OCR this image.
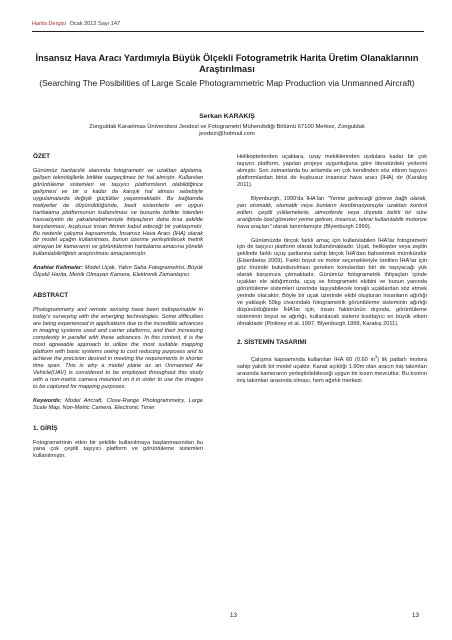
Harita Dergisi Ocak 2012 Sayı 147
İnsansız Hava Aracı Yardımıyla Büyük Ölçekli Fotogrametrik Harita Üretim Olanaklarının Araştırılması
(Searching The Posibilities of Large Scale Photogrammetric Map Production via Unmanned Aircraft)
Serkan KARAKIŞ
Zonguldak Karaelmas Üniversitesi Jeodezi ve Fotogrametri Mühendisliği Bölümü 67100 Merkez, Zonguldak
jeodezi@hotmail.com

ÖZET

Günümüz haritacılık alanında fotogrametri ve uzaktan algılama, gelişen teknolojilerle birlikte vazgeçilmez bir hal almıştır. Kullanılan görüntüleme sistemleri ve taşıyıcı platformların olabildiğince gelişmesi ve bir o kadar da karışık hal alması sebebiyle uygulamalarda değişik güçlükler yaşanmaktadır. Bu bağlamda maliyetler de düşünüldüğünde, basit sistemlerle en uygun haritalama platformunun kullanılması ve bununla birlikte istenilen hassasiyetin de yakalanabilmesiyle ihtiyaçların daha kısa şekilde karşılanması, kuşkusuz insan fikrinin kabul edeceği bir yaklaşımdır. Bu nedenle çalışma kapsamında, İnsansız Hava Aracı (İHA) olarak bir model uçağın kullanılması, bunun üzerine yerleştirilecek metrik olmayan bir kameranın ve görüntülerinin haritalama amacına yönelik kullanılabilirliğinin araştırılması amaçlanmıştır.

Anahtar Kelimeler: Model Uçak, Yakın Saha Fotogrametrisi, Büyük Ölçekli Harita, Metrik Olmayan Kamera, Elektronik Zamanlayıcı

ABSTRACT

Photogrammetry and remote sensing have been indispensable in today's surveying with the emerging technologies. Some difficulties are being experienced in applications due to the incredible advances in imaging systems used and carrier platforms, and their increasing complexity in parallel with these advances. In this context, it is the most agreeable approach to utilize the most suitable mapping platform with basic systems owing to cost reducing purposes and to achieve the precision desired in meeting the requirements in shorter time span. This is why a model plane as an Unmanned Air Vehicle(UAV) is considered to be employed throughout this study with a non-metric camera mounted on it in order to use the images to be captured for mapping purposes.

Keywords: Model Aircraft, Close-Range Photogrammetry, Large Scale Map, Non-Metric Camera, Electronic Timer

1. GİRİŞ

Fotogrametrinin etkin bir şekilde kullanılmaya başlanmasından bu yana çok çeşitli taşıyıcı platform ve görüntüleme sistemleri kullanılmıştır.

Helikopterlerden uçaklara, uzay mekiklerinden uydulara kadar bir çok taşıyıcı platform, yapılan projeye uygunluğuna göre literatürdeki yerlerini almıştır. Son zamanlarda bu anlamda en çok kendinden söz ettiren taşıyıcı platformlardan birisi de kuşkusuz insansız hava aracı (İHA) dır (Karakış 2011).

Blyenburgh, 1999'da İHA'ları "Yerine getireceği göreve bağlı olarak, yarı otomatik, otomatik veya bunların kombinasyonuyla uzaktan kontrol edilen, çeşitli yüklemelerle, atmosferde veya dışında belirli bir süre aralığında özel görevleri yerine getiren, insansız, tekrar kullanılabilir motorize hava araçları" olarak tanımlamıştır (Blyenburgh 1999).

Günümüzde birçok farklı amaç için kullanılabilen İHA'lar fotogrametri için de taşıyıcı platform olarak kullanılmaktadır. Uçak, helikopter veya zeplin şeklinde farklı uçuş şartlarına sahip birçok İHA'dan bahsetmek mümkündür (Eisenbeiss 2009). Farklı boyut ve motor seçenekleriyle üretilen İHA'lar için göz önünde bulundurulması gereken konulardan biri de taşıyacağı yük olarak karşımıza çıkmaktadır. Günümüz fotogrametrik ihtiyaçları içinde uçakları ele aldığımızda, uçuş ve fotogrametri ekibini ve bunun yanında görüntüleme sistemleri üzerinde taşıyabilecek tonajlı uçaklardan söz etmek yerinde olacaktır. Böyle bir uçak üzerinde ekibi oluşturan insanların ağırlığı ve yaklaşık 50kg civarındaki fotogrametrik görüntüleme sisteminin ağırlığı düşünüldüğünde İHA'lar için, insan faktörünün dışında, görüntüleme sisteminin boyut ve ağırlığı, kullanılacak sistemi kısıtlayıcı en büyük etken olmaktadır (Pinkney et al. 1997, Blyenburgh 1999, Karakış 2011).

2. SİSTEMİN TASARIMI

Çalışma kapsamında kullanılan İHA 60 (0.60 $in^3$) lik patlarlı motora sahip yakıtlı bir model uçaktır. Kanat açıklığı 1.90m olan aracın iniş takımları arasında kameranın yerleştirilebileceği uygun bir kısım mevcuttur. Bu kısmın iniş takımları arasında olması, hem ağırlık merkezi

13	13
